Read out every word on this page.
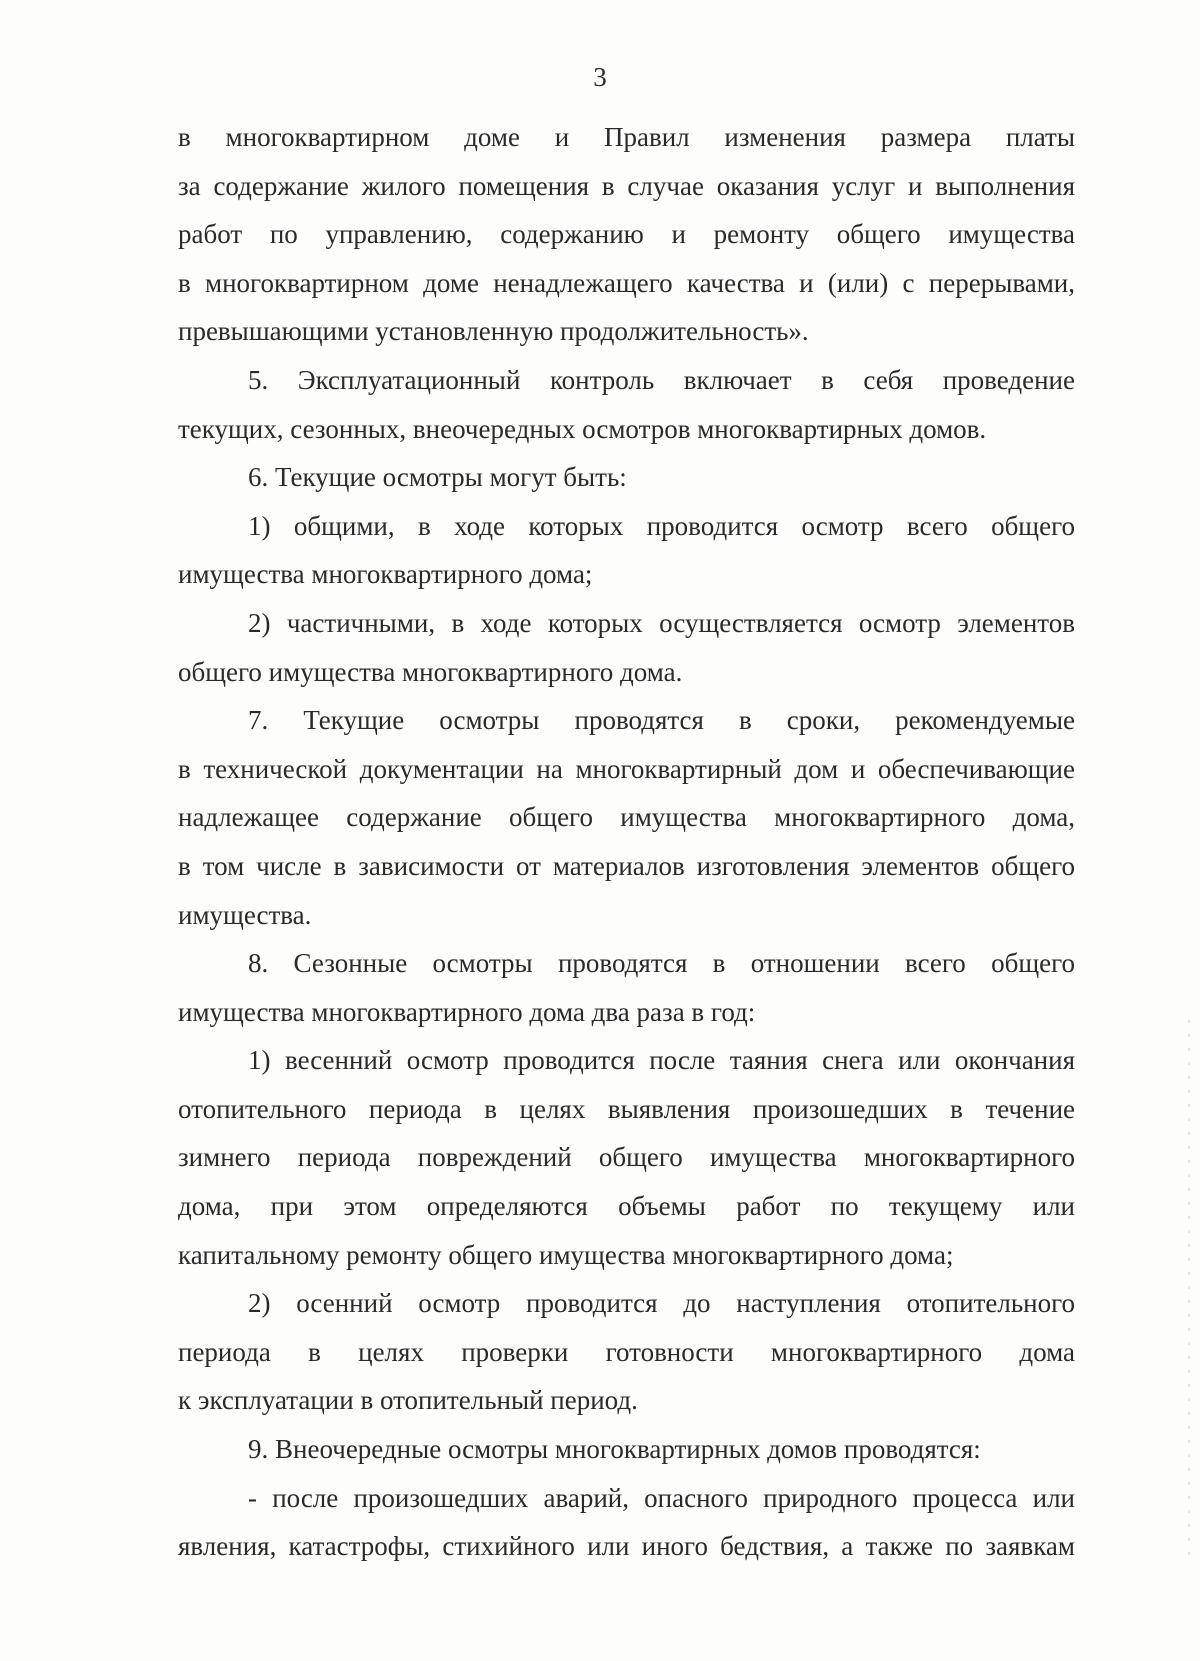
3
в многоквартирном доме и Правил изменения размера платы
за содержание жилого помещения в случае оказания услуг и выполнения
работ по управлению, содержанию и ремонту общего имущества
в многоквартирном доме ненадлежащего качества и (или) с перерывами,
превышающими установленную продолжительность».
5. Эксплуатационный контроль включает в себя проведение
текущих, сезонных, внеочередных осмотров многоквартирных домов.
6. Текущие осмотры могут быть:
1) общими, в ходе которых проводится осмотр всего общего
имущества многоквартирного дома;
2) частичными, в ходе которых осуществляется осмотр элементов
общего имущества многоквартирного дома.
7. Текущие осмотры проводятся в сроки, рекомендуемые
в технической документации на многоквартирный дом и обеспечивающие
надлежащее содержание общего имущества многоквартирного дома,
в том числе в зависимости от материалов изготовления элементов общего
имущества.
8. Сезонные осмотры проводятся в отношении всего общего
имущества многоквартирного дома два раза в год:
1) весенний осмотр проводится после таяния снега или окончания
отопительного периода в целях выявления произошедших в течение
зимнего периода повреждений общего имущества многоквартирного
дома, при этом определяются объемы работ по текущему или
капитальному ремонту общего имущества многоквартирного дома;
2) осенний осмотр проводится до наступления отопительного
периода в целях проверки готовности многоквартирного дома
к эксплуатации в отопительный период.
9. Внеочередные осмотры многоквартирных домов проводятся:
- после произошедших аварий, опасного природного процесса или
явления, катастрофы, стихийного или иного бедствия, а также по заявкам
